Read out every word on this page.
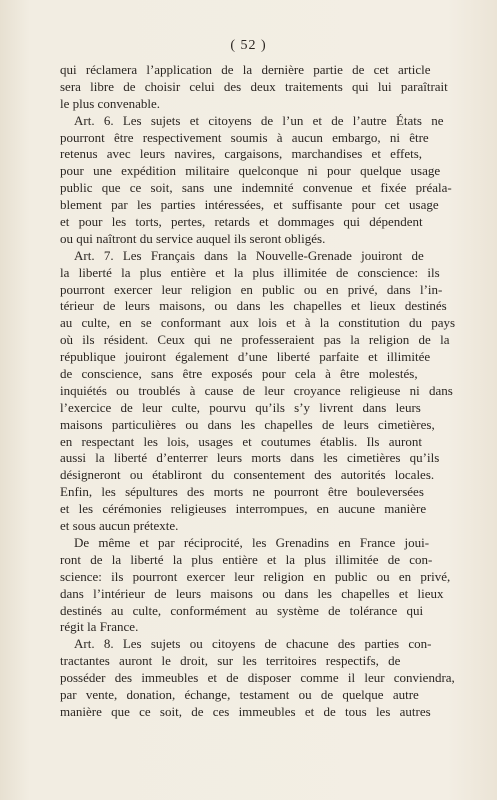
( 52 )
qui réclamera l’application de la dernière partie de cet article
sera libre de choisir celui des deux traitements qui lui paraîtrait
le plus convenable.
Art. 6. Les sujets et citoyens de l’un et de l’autre États ne
pourront être respectivement soumis à aucun embargo, ni être
retenus avec leurs navires, cargaisons, marchandises et effets,
pour une expédition militaire quelconque ni pour quelque usage
public que ce soit, sans une indemnité convenue et fixée préala-
blement par les parties intéressées, et suffisante pour cet usage
et pour les torts, pertes, retards et dommages qui dépendent
ou qui naîtront du service auquel ils seront obligés.
Art. 7. Les Français dans la Nouvelle-Grenade jouiront de
la liberté la plus entière et la plus illimitée de conscience: ils
pourront exercer leur religion en public ou en privé, dans l’in-
térieur de leurs maisons, ou dans les chapelles et lieux destinés
au culte, en se conformant aux lois et à la constitution du pays
où ils résident. Ceux qui ne professeraient pas la religion de la
république jouiront également d’une liberté parfaite et illimitée
de conscience, sans être exposés pour cela à être molestés,
inquiétés ou troublés à cause de leur croyance religieuse ni dans
l’exercice de leur culte, pourvu qu’ils s’y livrent dans leurs
maisons particulières ou dans les chapelles de leurs cimetières,
en respectant les lois, usages et coutumes établis. Ils auront
aussi la liberté d’enterrer leurs morts dans les cimetières qu’ils
désigneront ou établiront du consentement des autorités locales.
Enfin, les sépultures des morts ne pourront être bouleversées
et les cérémonies religieuses interrompues, en aucune manière
et sous aucun prétexte.
De même et par réciprocité, les Grenadins en France joui-
ront de la liberté la plus entière et la plus illimitée de con-
science: ils pourront exercer leur religion en public ou en privé,
dans l’intérieur de leurs maisons ou dans les chapelles et lieux
destinés au culte, conformément au système de tolérance qui
régit la France.
Art. 8. Les sujets ou citoyens de chacune des parties con-
tractantes auront le droit, sur les territoires respectifs, de
posséder des immeubles et de disposer comme il leur conviendra,
par vente, donation, échange, testament ou de quelque autre
manière que ce soit, de ces immeubles et de tous les autres
